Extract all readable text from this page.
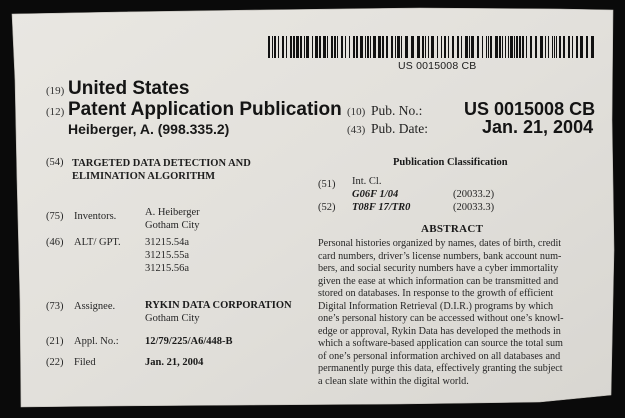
US 0015008 CB
(19) United States
(12) Patent Application Publication
Heiberger, A. (998.335.2)
(10) Pub. No.: US 0015008 CB
(43) Pub. Date:	Jan. 21, 2004
(54) TARGETED DATA DETECTION AND
ELIMINATION ALGORITHM
(75) Inventors.	A. Heiberger
Gotham City
(46) ALT/ GPT. 31215.54a
31215.55a
31215.56a
(73) Assignee.	RYKIN DATA CORPORATION
Gotham City
(21) Appl. No.:	12/79/225/A6/448-B
(22) Filed	Jan. 21, 2004
Publication Classification
(51) Int. Cl.
G06F 1/04	(20033.2)
(52) T08F 17/TR0	(20033.3)
ABSTRACT
Personal histories organized by names, dates of birth, credit
card numbers, driver’s license numbers, bank account num-
bers, and social security numbers have a cyber immortality
given the ease at which information can be transmitted and
stored on databases. In response to the growth of efficient
Digital Information Retrieval (D.I.R.) programs by which
one’s personal history can be accessed without one’s knowl-
edge or approval, Rykin Data has developed the methods in
which a software-based application can source the total sum
of one’s personal information archived on all databases and
permanently purge this data, effectively granting the subject
a clean slate within the digital world.
